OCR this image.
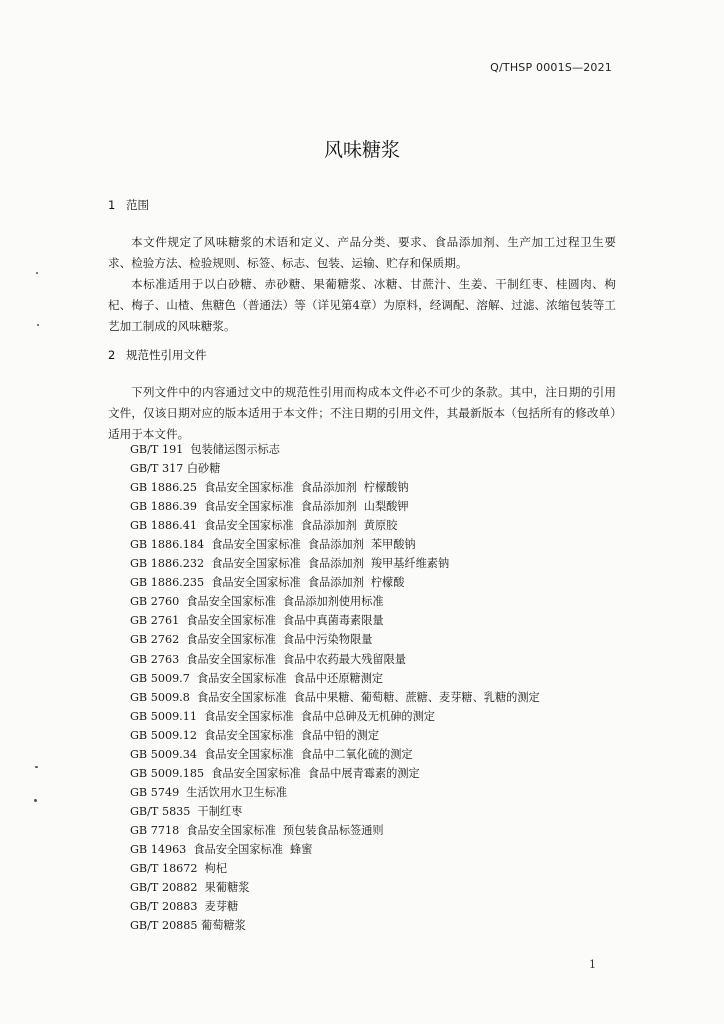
Q/THSP 0001S—2021
风味糖浆
1 范围

本文件规定了风味糖浆的术语和定义、产品分类、要求、食品添加剂、生产加工过程卫生要求、检验方法、检验规则、标签、标志、包装、运输、贮存和保质期。

本标准适用于以白砂糖、赤砂糖、果葡糖浆、冰糖、甘蔗汁、生姜、干制红枣、桂圆肉、枸杞、梅子、山楂、焦糖色（普通法）等（详见第4章）为原料，经调配、溶解、过滤、浓缩包装等工艺加工制成的风味糖浆。

2 规范性引用文件

下列文件中的内容通过文中的规范性引用而构成本文件必不可少的条款。其中，注日期的引用文件，仅该日期对应的版本适用于本文件；不注日期的引用文件，其最新版本（包括所有的修改单）适用于本文件。

GB/T 191  包装储运图示标志
GB/T 317 白砂糖
GB 1886.25  食品安全国家标准  食品添加剂  柠檬酸钠
GB 1886.39  食品安全国家标准  食品添加剂  山梨酸钾
GB 1886.41  食品安全国家标准  食品添加剂  黄原胶
GB 1886.184  食品安全国家标准  食品添加剂  苯甲酸钠
GB 1886.232  食品安全国家标准  食品添加剂  羧甲基纤维素钠
GB 1886.235  食品安全国家标准  食品添加剂  柠檬酸
GB 2760  食品安全国家标准  食品添加剂使用标准
GB 2761  食品安全国家标准  食品中真菌毒素限量
GB 2762  食品安全国家标准  食品中污染物限量
GB 2763  食品安全国家标准  食品中农药最大残留限量
GB 5009.7  食品安全国家标准  食品中还原糖测定
GB 5009.8  食品安全国家标准  食品中果糖、葡萄糖、蔗糖、麦芽糖、乳糖的测定
GB 5009.11  食品安全国家标准  食品中总砷及无机砷的测定
GB 5009.12  食品安全国家标准  食品中铅的测定
GB 5009.34  食品安全国家标准  食品中二氧化硫的测定
GB 5009.185  食品安全国家标准  食品中展青霉素的测定
GB 5749  生活饮用水卫生标准
GB/T 5835  干制红枣
GB 7718  食品安全国家标准  预包装食品标签通则
GB 14963  食品安全国家标准  蜂蜜
GB/T 18672  枸杞
GB/T 20882  果葡糖浆
GB/T 20883  麦芽糖
GB/T 20885 葡萄糖浆
1
